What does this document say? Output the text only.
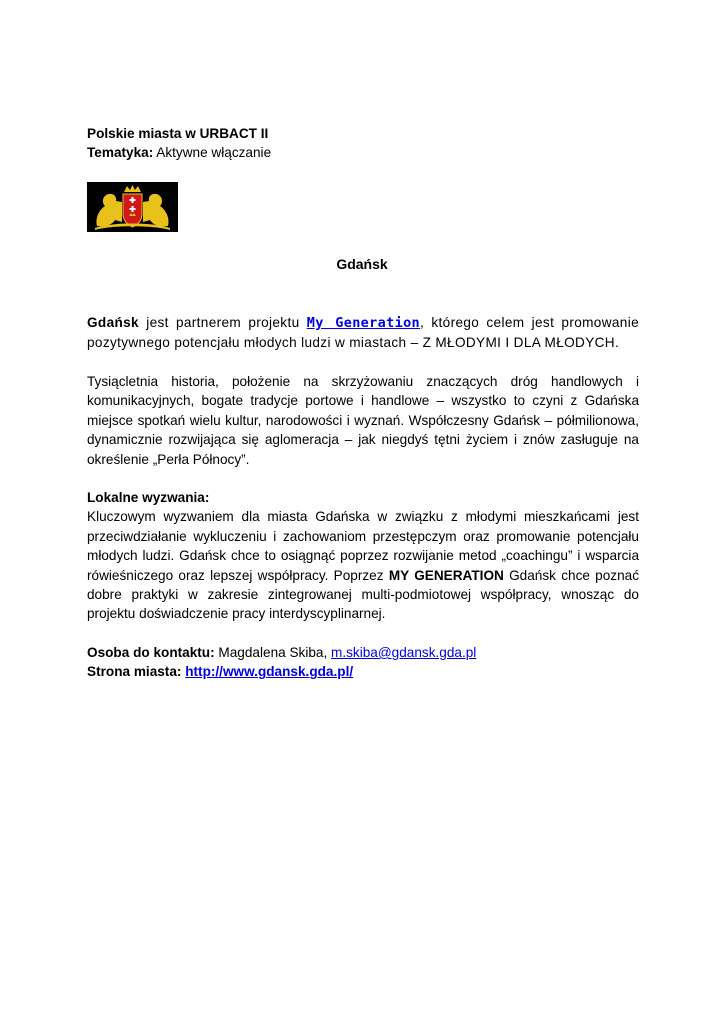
Polskie miasta w URBACT II

Tematyka: Aktywne włączanie

Gdańsk

Gdańsk jest partnerem projektu My Generation, którego celem jest promowanie

pozytywnego potencjału młodych ludzi w miastach – Z MŁODYMI I DLA MŁODYCH.

Tysiącletnia historia, położenie na skrzyżowaniu znaczących dróg handlowych i komunikacyjnych, bogate tradycje portowe i handlowe – wszystko to czyni z Gdańska miejsce spotkań wielu kultur, narodowości i wyznań. Współczesny Gdańsk – półmilionowa, dynamicznie rozwijająca się aglomeracja – jak niegdyś tętni życiem i znów zasługuje na określenie „Perła Północy”.

Lokalne wyzwania:

Kluczowym wyzwaniem dla miasta Gdańska w związku z młodymi mieszkańcami jest przeciwdziałanie wykluczeniu i zachowaniom przestępczym oraz promowanie potencjału młodych ludzi. Gdańsk chce to osiągnąć poprzez rozwijanie metod „coachingu” i wsparcia rówieśniczego oraz lepszej współpracy. Poprzez MY GENERATION Gdańsk chce poznać dobre praktyki w zakresie zintegrowanej multi-podmiotowej współpracy, wnosząc do projektu doświadczenie pracy interdyscyplinarnej.

Osoba do kontaktu: Magdalena Skiba, m.skiba@gdansk.gda.pl

Strona miasta: http://www.gdansk.gda.pl/
